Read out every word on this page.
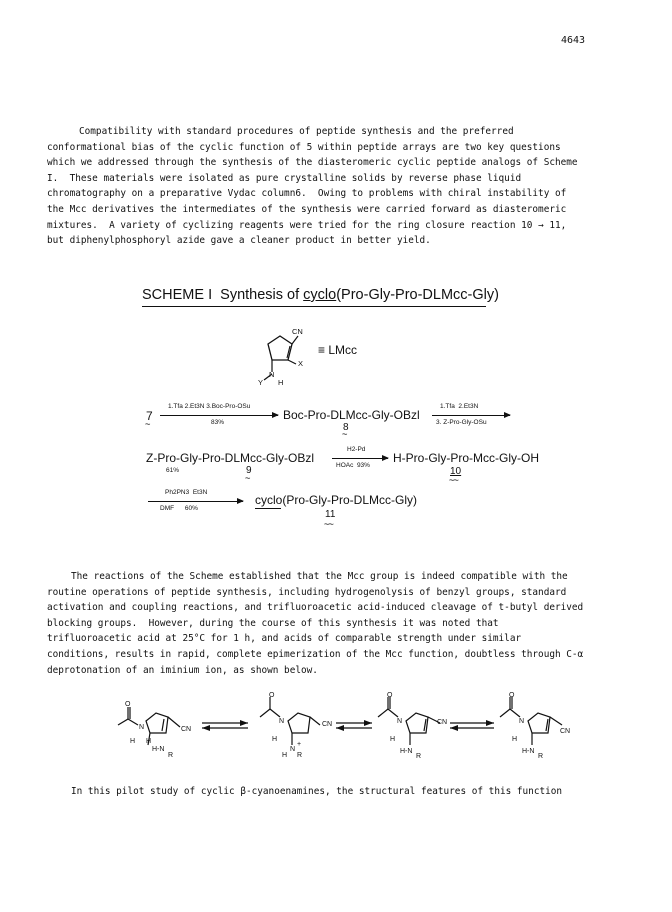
4643
Compatibility with standard procedures of peptide synthesis and the preferred
conformational bias of the cyclic function of 5 within peptide arrays are two key questions
which we addressed through the synthesis of the diasteromeric cyclic peptide analogs of Scheme
I.  These materials were isolated as pure crystalline solids by reverse phase liquid
chromatography on a preparative Vydac column6.  Owing to problems with chiral instability of
the Mcc derivatives the intermediates of the synthesis were carried forward as diasteromeric
mixtures.  A variety of cyclizing reagents were tried for the ring closure reaction 10 → 11,
but diphenylphosphoryl azide gave a cleaner product in better yield.
SCHEME I  Synthesis of cyclo(Pro-Gly-Pro-DLMcc-Gly)
CN
X
N
Y H
≡ LMcc
7
~
1.Tfa 2.Et3N 3.Boc-Pro-OSu
83%
Boc-Pro-DLMcc-Gly-OBzl
8
~
1.Tfa  2.Et3N
3. Z-Pro-Gly-OSu
Z-Pro-Gly-Pro-DLMcc-Gly-OBzl
61%	9
~
H2-Pd
HOAc  93%
H-Pro-Gly-Pro-Mcc-Gly-OH
10
~~
Ph2PN3  Et3N
DMF      60%
cyclo(Pro-Gly-Pro-DLMcc-Gly)
11
~~
The reactions of the Scheme established that the Mcc group is indeed compatible with the
routine operations of peptide synthesis, including hydrogenolysis of benzyl groups, standard
activation and coupling reactions, and trifluoroacetic acid-induced cleavage of t-butyl derived
blocking groups.  However, during the course of this synthesis it was noted that
trifluoroacetic acid at 25°C for 1 h, and acids of comparable strength under similar
conditions, results in rapid, complete epimerization of the Mcc function, doubtless through C-α
deprotonation of an iminium ion, as shown below.
O
N
H H
H-N
R
CN
O
N
H
N
+
H R
CN
O
N
H
H-N
R
CN
O
N
H
H-N
R
CN
In this pilot study of cyclic β-cyanoenamines, the structural features of this function
